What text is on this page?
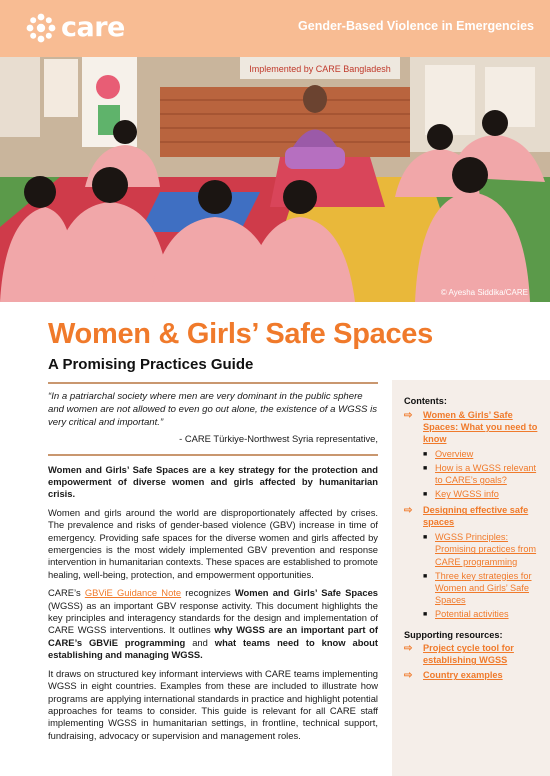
care	Gender-Based Violence in Emergencies
Implemented by CARE Bangladesh
© Ayesha Siddika/CARE
Women & Girls’ Safe Spaces
A Promising Practices Guide

“In a patriarchal society where men are very dominant in the public sphere and women are not allowed to even go out alone, the existence of a WGSS is very critical and important.”

- CARE Türkiye-Northwest Syria representative,

Women and Girls’ Safe Spaces are a key strategy for the protection and empowerment of diverse women and girls affected by humanitarian crisis.

Women and girls around the world are disproportionately affected by crises. The prevalence and risks of gender-based violence (GBV) increase in time of emergency. Providing safe spaces for the diverse women and girls affected by emergencies is the most widely implemented GBV prevention and response intervention in humanitarian contexts. These spaces are established to promote healing, well-being, protection, and empowerment opportunities.

CARE’s GBViE Guidance Note recognizes Women and Girls’ Safe Spaces (WGSS) as an important GBV response activity. This document highlights the key principles and interagency standards for the design and implementation of CARE WGSS interventions. It outlines why WGSS are an important part of CARE’s GBViE programming and what teams need to know about establishing and managing WGSS.

It draws on structured key informant interviews with CARE teams implementing WGSS in eight countries. Examples from these are included to illustrate how programs are applying international standards in practice and highlight potential approaches for teams to consider. This guide is relevant for all CARE staff implementing WGSS in humanitarian settings, in frontline, technical support, fundraising, advocacy or supervision and management roles.

Contents:
⇨	Women & Girls’ Safe Spaces: What you need to know
■ Overview
■ How is a WGSS relevant to CARE’s goals?
■ Key WGSS info
⇨	Designing effective safe spaces
■ WGSS Principles: Promising practices from CARE programming
■ Three key strategies for Women and Girls’ Safe Spaces
■ Potential activities
Supporting resources:
⇨	Project cycle tool for establishing WGSS
⇨	Country examples
